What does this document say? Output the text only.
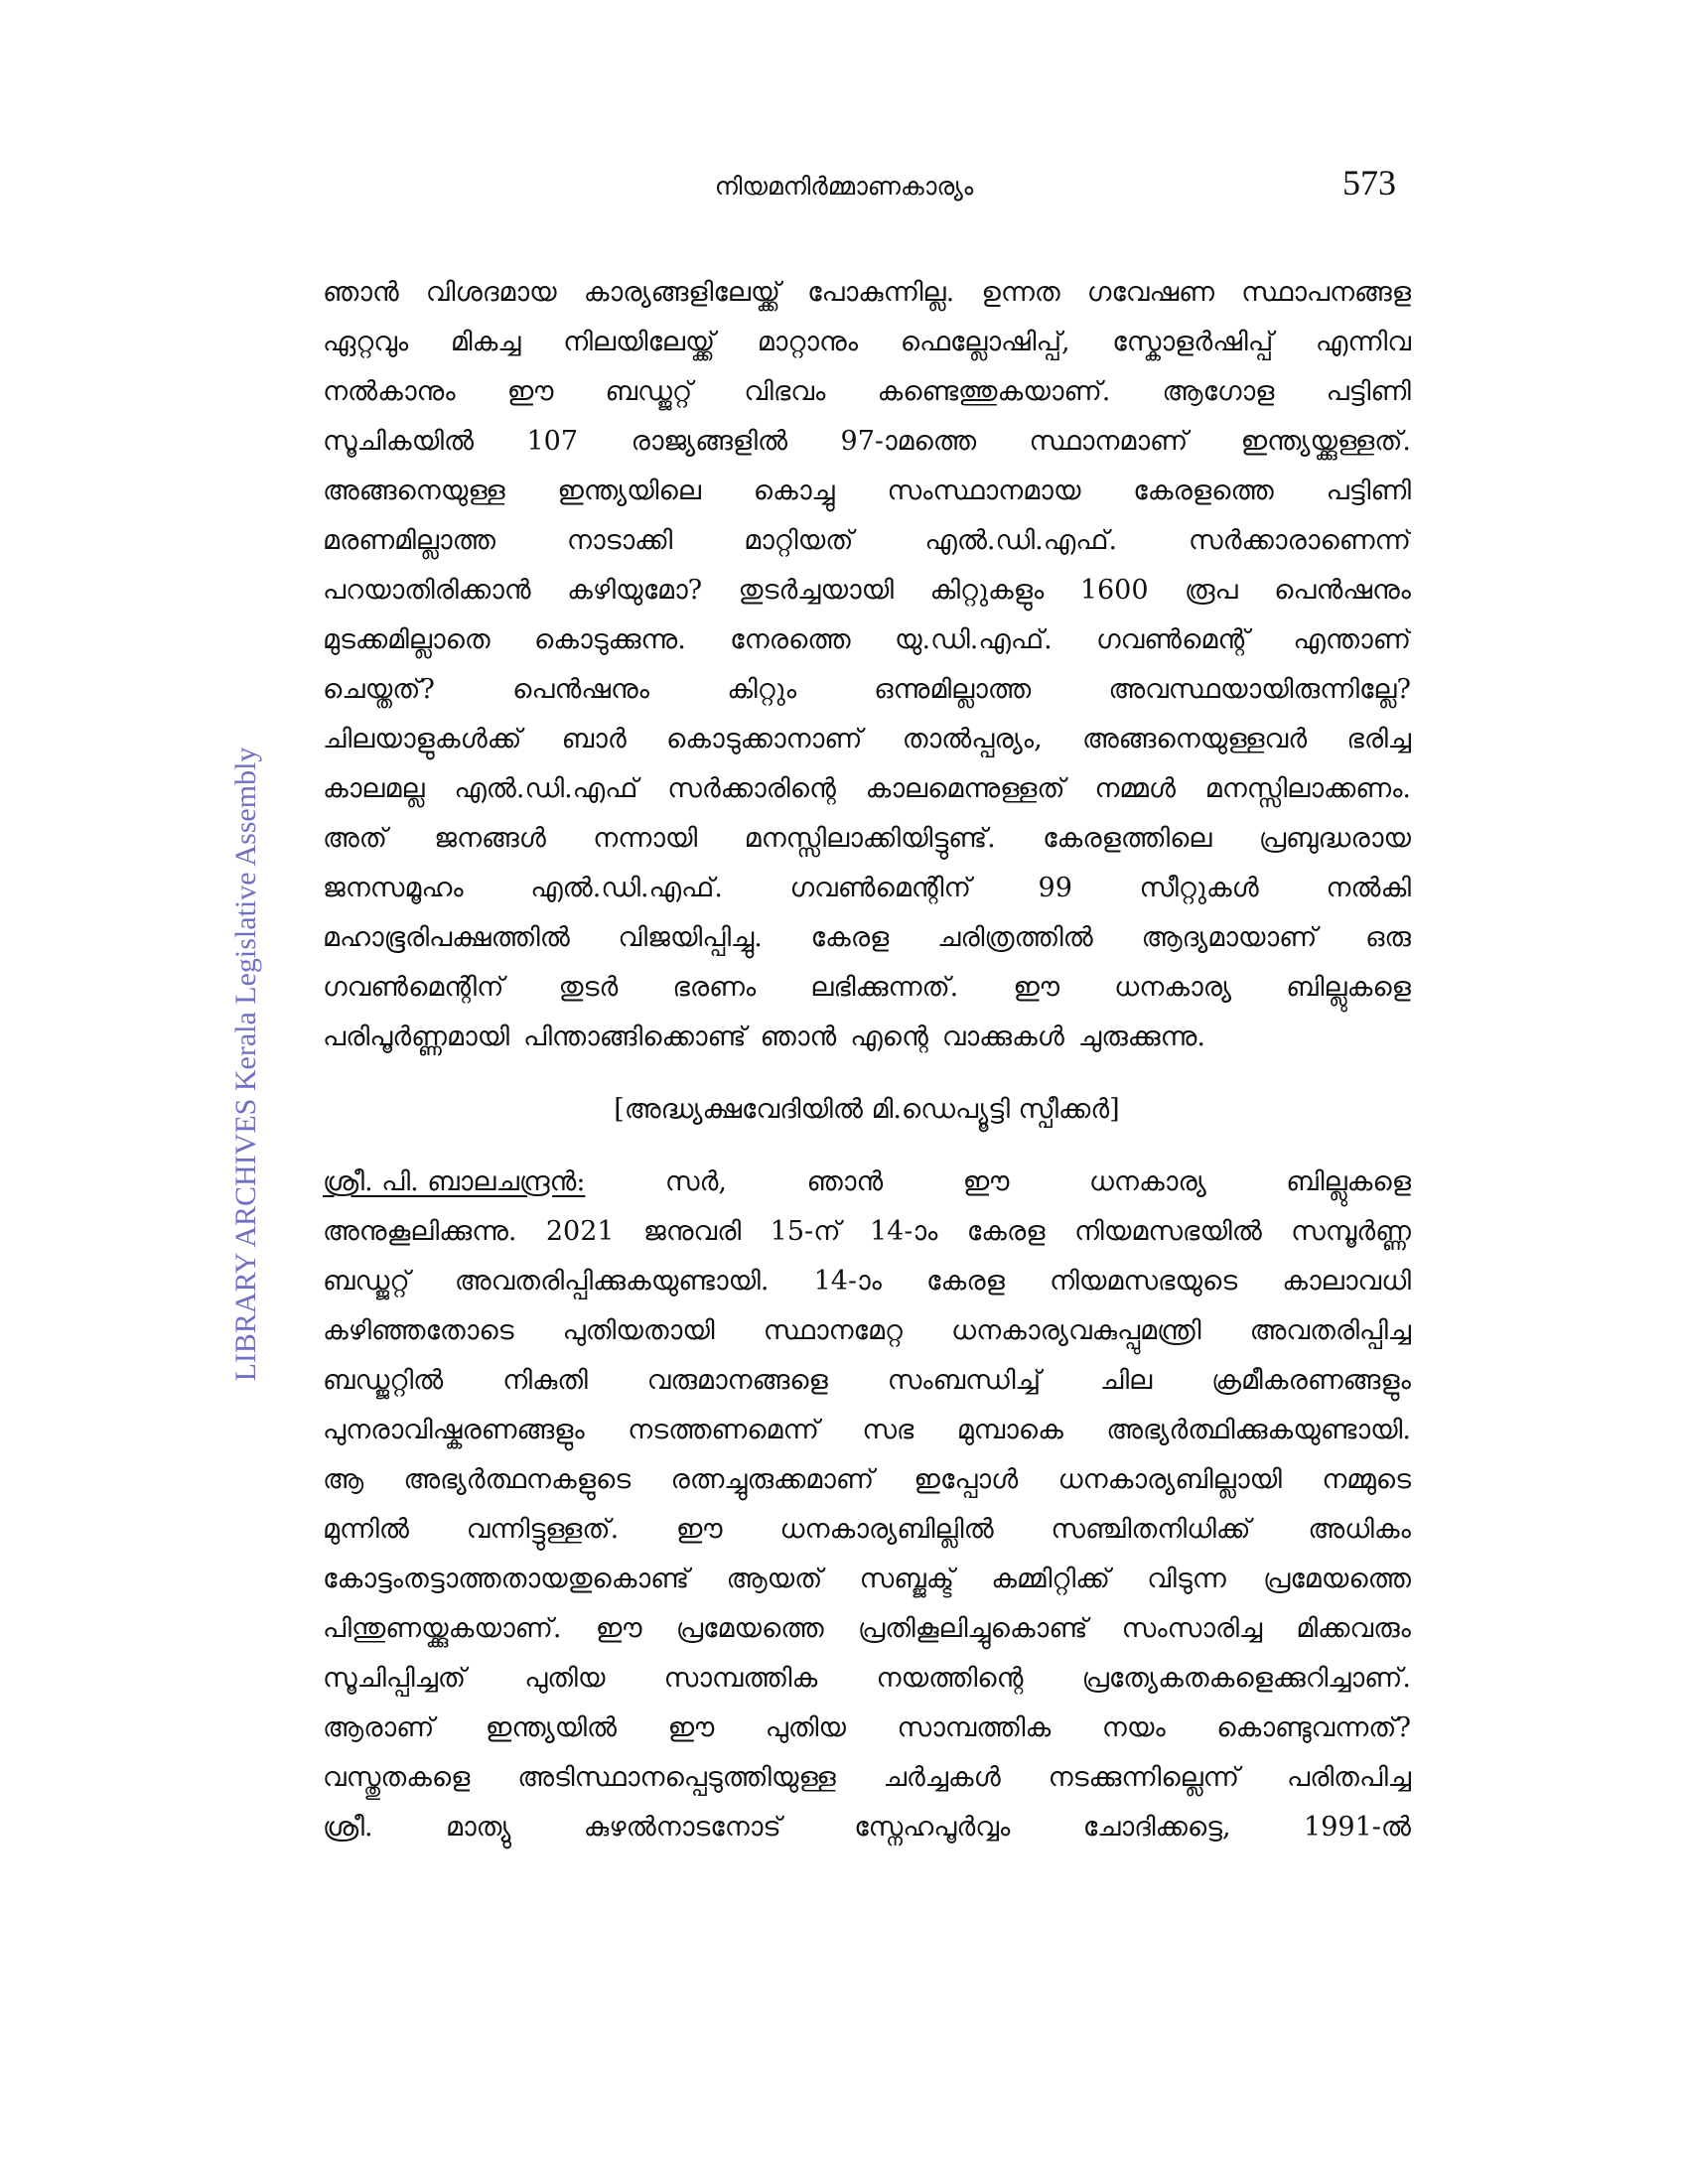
നിയമനിർമ്മാണകാര്യം	573
LIBRARY ARCHIVES Kerala Legislative Assembly
ഞാൻ വിശദമായ കാര്യങ്ങളിലേയ്ക്ക് പോകുന്നില്ല. ഉന്നത ഗവേഷണ സ്ഥാപനങ്ങള
ഏറ്റവും മികച്ച നിലയിലേയ്ക്ക് മാറ്റാനും ഫെല്ലോഷിപ്പ്, സ്കോളർഷിപ്പ് എന്നിവ
നൽകാനും ഈ ബഡ്ജറ്റ് വിഭവം കണ്ടെത്തുകയാണ്. ആഗോള പട്ടിണി
സൂചികയിൽ 107 രാജ്യങ്ങളിൽ 97-ാമത്തെ സ്ഥാനമാണ് ഇന്ത്യയ്ക്കുള്ളത്.
അങ്ങനെയുള്ള ഇന്ത്യയിലെ കൊച്ചു സംസ്ഥാനമായ കേരളത്തെ പട്ടിണി
മരണമില്ലാത്ത	നാടാക്കി	മാറ്റിയത്	എൽ.ഡി.എഫ്.	സർക്കാരാണെന്ന്
പറയാതിരിക്കാൻ കഴിയുമോ? തുടർച്ചയായി കിറ്റുകളും 1600 രൂപ പെൻഷനും
മുടക്കമില്ലാതെ കൊടുക്കുന്നു. നേരത്തെ യു.ഡി.എഫ്. ഗവൺമെന്റ് എന്താണ്
ചെയ്തത്?	പെൻഷനും	കിറ്റും	ഒന്നുമില്ലാത്ത	അവസ്ഥയായിരുന്നില്ലേ?
ചിലയാളുകൾക്ക് ബാർ കൊടുക്കാനാണ് താൽപ്പര്യം, അങ്ങനെയുള്ളവർ ഭരിച്ച
കാലമല്ല എൽ.ഡി.എഫ് സർക്കാരിന്റെ കാലമെന്നുള്ളത് നമ്മൾ മനസ്സിലാക്കണം.
അത് ജനങ്ങൾ നന്നായി മനസ്സിലാക്കിയിട്ടുണ്ട്. കേരളത്തിലെ പ്രബുദ്ധരായ
ജനസമൂഹം	എൽ.ഡി.എഫ്.	ഗവൺമെന്റിന്	99	സീറ്റുകൾ	നൽകി
മഹാഭൂരിപക്ഷത്തിൽ വിജയിപ്പിച്ചു. കേരള ചരിത്രത്തിൽ ആദ്യമായാണ് ഒരു
ഗവൺമെന്റിന് തുടർ ഭരണം ലഭിക്കുന്നത്. ഈ ധനകാര്യ ബില്ലുകളെ
പരിപൂർണ്ണമായി പിന്താങ്ങിക്കൊണ്ട് ഞാൻ എന്റെ വാക്കുകൾ ചുരുക്കുന്നു.
[അദ്ധ്യക്ഷവേദിയിൽ മി.ഡെപ്യൂട്ടി സ്പീക്കർ]
ശ്രീ. പി. ബാലചന്ദ്രൻ:	സർ,	ഞാൻ	ഈ	ധനകാര്യ	ബില്ലുകളെ
അനുകൂലിക്കുന്നു. 2021 ജനുവരി 15-ന് 14-ാം കേരള നിയമസഭയിൽ സമ്പൂർണ്ണ
ബഡ്ജറ്റ് അവതരിപ്പിക്കുകയുണ്ടായി. 14-ാം കേരള നിയമസഭയുടെ കാലാവധി
കഴിഞ്ഞതോടെ പുതിയതായി സ്ഥാനമേറ്റ ധനകാര്യവകുപ്പുമന്ത്രി അവതരിപ്പിച്ച
ബഡ്ജറ്റിൽ നികുതി വരുമാനങ്ങളെ സംബന്ധിച്ച് ചില ക്രമീകരണങ്ങളും
പുനരാവിഷ്കരണങ്ങളും നടത്തണമെന്ന് സഭ മുമ്പാകെ അഭ്യർത്ഥിക്കുകയുണ്ടായി.
ആ അഭ്യർത്ഥനകളുടെ രത്നച്ചുരുക്കമാണ് ഇപ്പോൾ ധനകാര്യബില്ലായി നമ്മുടെ
മുന്നിൽ വന്നിട്ടുള്ളത്. ഈ ധനകാര്യബില്ലിൽ സഞ്ചിതനിധിക്ക് അധികം
കോട്ടംതട്ടാത്തതായതുകൊണ്ട് ആയത് സബ്ജക്ട് കമ്മിറ്റിക്ക് വിടുന്ന പ്രമേയത്തെ
പിന്തുണയ്ക്കുകയാണ്. ഈ പ്രമേയത്തെ പ്രതികൂലിച്ചുകൊണ്ട് സംസാരിച്ച മിക്കവരും
സൂചിപ്പിച്ചത് പുതിയ സാമ്പത്തിക നയത്തിന്റെ പ്രത്യേകതകളെക്കുറിച്ചാണ്.
ആരാണ് ഇന്ത്യയിൽ ഈ പുതിയ സാമ്പത്തിക നയം കൊണ്ടുവന്നത്?
വസ്തുതകളെ അടിസ്ഥാനപ്പെടുത്തിയുള്ള ചർച്ചകൾ നടക്കുന്നില്ലെന്ന് പരിതപിച്ച
ശ്രീ.	മാത്യു	കുഴൽനാടനോട്	സ്നേഹപൂർവ്വം	ചോദിക്കട്ടെ,	1991-ൽ
